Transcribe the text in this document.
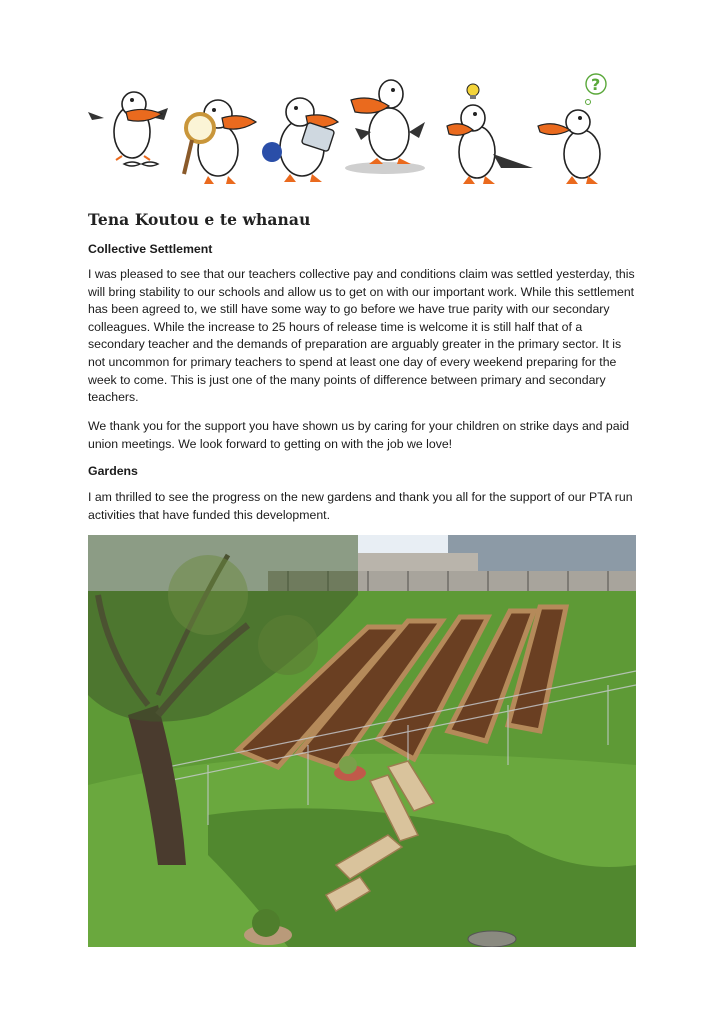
?
Tena Koutou e te whanau
Collective Settlement

I was pleased to see that our teachers collective pay and conditions claim was settled yesterday, this will bring stability to our schools and allow us to get on with our important work. While this settlement has been agreed to, we still have some way to go before we have true parity with our secondary colleagues. While the increase to 25 hours of release time is welcome it is still half that of a secondary teacher and the demands of preparation are arguably greater in the primary sector. It is not uncommon for primary teachers to spend at least one day of every weekend preparing for the week to come. This is just one of the many points of difference between primary and secondary teachers.

We thank you for the support you have shown us by caring for your children on strike days and paid union meetings. We look forward to getting on with the job we love!

Gardens

I am thrilled to see the progress on the new gardens and thank you all for the support of our PTA run activities that have funded this development.
